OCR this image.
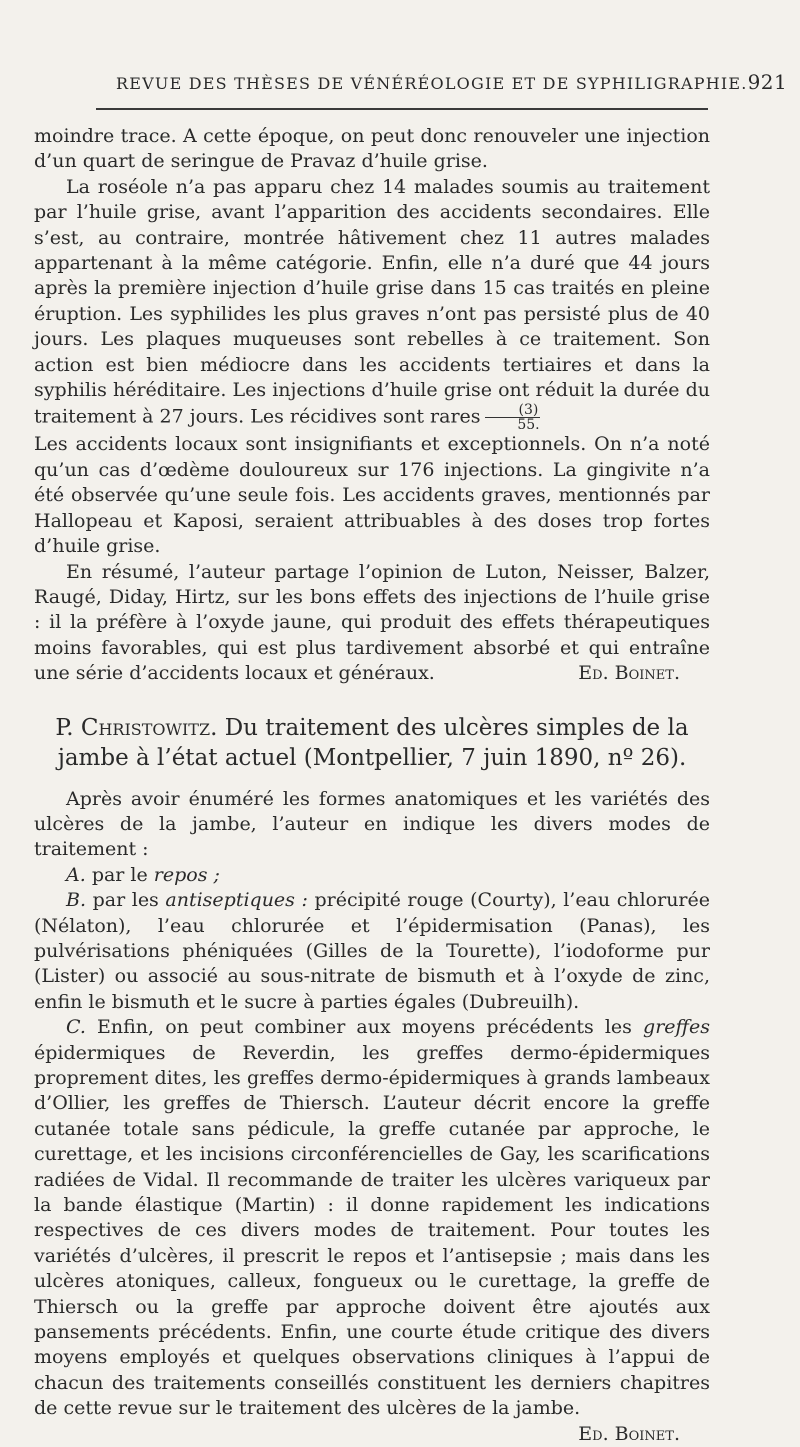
REVUE DES THÈSES DE VÉNÉRÉOLOGIE ET DE SYPHILIGRAPHIE. 921

moindre trace. A cette époque, on peut donc renouveler une injection d’un quart de seringue de Pravaz d’huile grise.

La roséole n’a pas apparu chez 14 malades soumis au traitement par l’huile grise, avant l’apparition des accidents secondaires. Elle s’est, au contraire, montrée hâtivement chez 11 autres malades appartenant à la même catégorie. Enfin, elle n’a duré que 44 jours après la première injection d’huile grise dans 15 cas traités en pleine éruption. Les syphilides les plus graves n’ont pas persisté plus de 40 jours. Les plaques muqueuses sont rebelles à ce traitement. Son action est bien médiocre dans les accidents tertiaires et dans la syphilis héréditaire. Les injections d’huile grise ont réduit la durée du traitement à 27 jours. Les récidives sont rares $\frac{(3)}{55.}$

Les accidents locaux sont insignifiants et exceptionnels. On n’a noté qu’un cas d’œdème douloureux sur 176 injections. La gingivite n’a été observée qu’une seule fois. Les accidents graves, mentionnés par Hallopeau et Kaposi, seraient attribuables à des doses trop fortes d’huile grise.

En résumé, l’auteur partage l’opinion de Luton, Neisser, Balzer, Raugé, Diday, Hirtz, sur les bons effets des injections de l’huile grise : il la préfère à l’oxyde jaune, qui produit des effets thérapeutiques moins favorables, qui est plus tardivement absorbé et qui entraîne une série d’accidents locaux et généraux.	Ed. Boinet.

P. Christowitz. Du traitement des ulcères simples de la jambe à l’état actuel (Montpellier, 7 juin 1890, nº 26).

Après avoir énuméré les formes anatomiques et les variétés des ulcères de la jambe, l’auteur en indique les divers modes de traitement :

A. par le repos ;

B. par les antiseptiques : précipité rouge (Courty), l’eau chlorurée (Nélaton), l’eau chlorurée et l’épidermisation (Panas), les pulvérisations phéniquées (Gilles de la Tourette), l’iodoforme pur (Lister) ou associé au sous-nitrate de bismuth et à l’oxyde de zinc, enfin le bismuth et le sucre à parties égales (Dubreuilh).

C. Enfin, on peut combiner aux moyens précédents les greffes épidermiques de Reverdin, les greffes dermo-épidermiques proprement dites, les greffes dermo-épidermiques à grands lambeaux d’Ollier, les greffes de Thiersch. L’auteur décrit encore la greffe cutanée totale sans pédicule, la greffe cutanée par approche, le curettage, et les incisions circonférencielles de Gay, les scarifications radiées de Vidal. Il recommande de traiter les ulcères variqueux par la bande élastique (Martin) : il donne rapidement les indications respectives de ces divers modes de traitement. Pour toutes les variétés d’ulcères, il prescrit le repos et l’antisepsie ; mais dans les ulcères atoniques, calleux, fongueux ou le curettage, la greffe de Thiersch ou la greffe par approche doivent être ajoutés aux pansements précédents. Enfin, une courte étude critique des divers moyens employés et quelques observations cliniques à l’appui de chacun des traitements conseillés constituent les derniers chapitres de cette revue sur le traitement des ulcères de la jambe.
Ed. Boinet.
